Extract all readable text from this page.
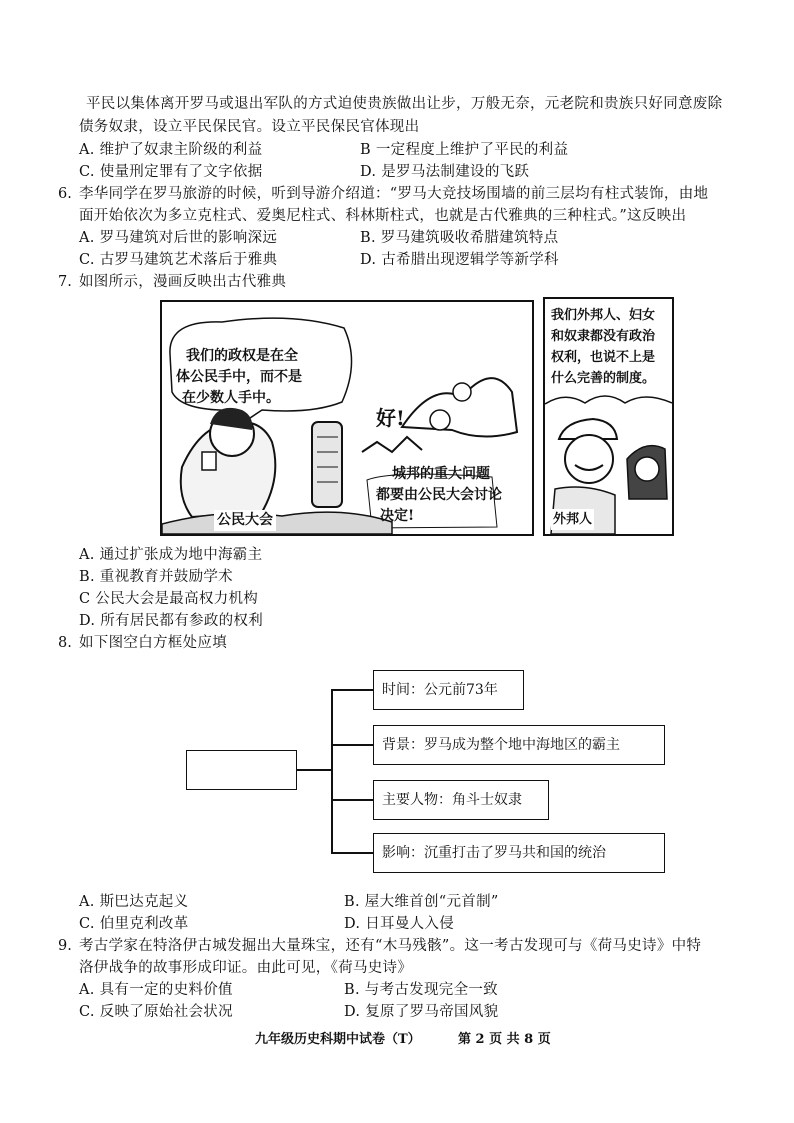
平民以集体离开罗马或退出军队的方式迫使贵族做出让步，万般无奈，元老院和贵族只好同意废除
债务奴隶，设立平民保民官。设立平民保民官体现出
A. 维护了奴隶主阶级的利益	B 一定程度上维护了平民的利益
C. 使量刑定罪有了文字依据	D. 是罗马法制建设的飞跃
6. 李华同学在罗马旅游的时候，听到导游介绍道：“罗马大竞技场围墙的前三层均有柱式装饰，由地
面开始依次为多立克柱式、爱奥尼柱式、科林斯柱式，也就是古代雅典的三种柱式。”这反映出
A. 罗马建筑对后世的影响深远	B. 罗马建筑吸收希腊建筑特点
C. 古罗马建筑艺术落后于雅典	D. 古希腊出现逻辑学等新学科
7. 如图所示，漫画反映出古代雅典
我们的政权是在全
体公民手中，而不是
在少数人手中。
好!
城邦的重大问题
都要由公民大会讨论
决定!
公民大会
我们外邦人、妇女
和奴隶都没有政治
权利，也说不上是
什么完善的制度。
外邦人
A. 通过扩张成为地中海霸主
B. 重视教育并鼓励学术
C 公民大会是最高权力机构
D. 所有居民都有参政的权利
8. 如下图空白方框处应填
时间：公元前73年
背景：罗马成为整个地中海地区的霸主
主要人物：角斗士奴隶
影响：沉重打击了罗马共和国的统治
A. 斯巴达克起义	B. 屋大维首创“元首制”
C. 伯里克利改革	D. 日耳曼人入侵
9. 考古学家在特洛伊古城发掘出大量珠宝，还有“木马残骸”。这一考古发现可与《荷马史诗》中特
洛伊战争的故事形成印证。由此可见，《荷马史诗》
A. 具有一定的史料价值	B. 与考古发现完全一致
C. 反映了原始社会状况	D. 复原了罗马帝国风貌
九年级历史科期中试卷（T）	第 2 页 共 8 页
